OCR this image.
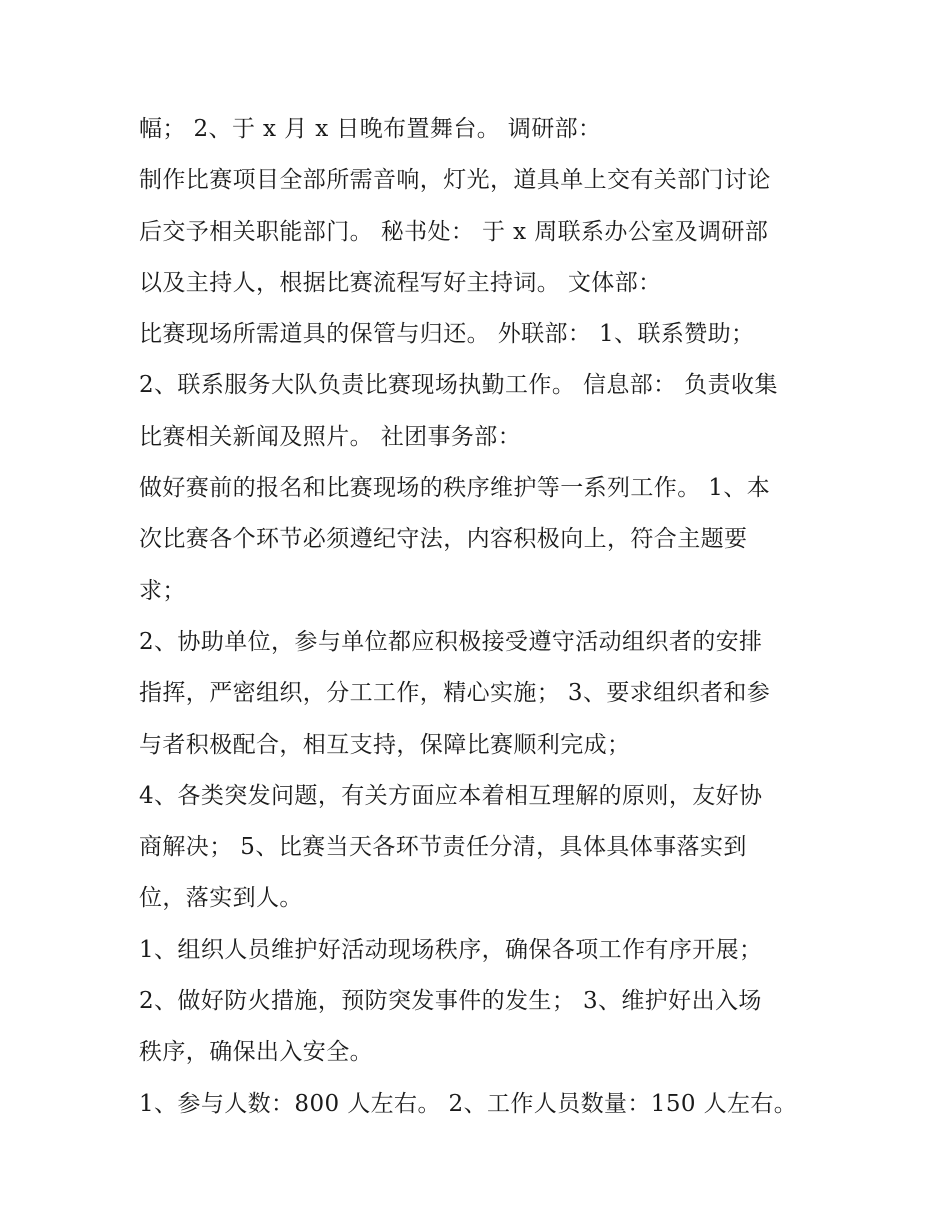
幅； 2、于 x 月 x 日晚布置舞台。 调研部：
制作比赛项目全部所需音响，灯光，道具单上交有关部门讨论
后交予相关职能部门。 秘书处： 于 x 周联系办公室及调研部
以及主持人，根据比赛流程写好主持词。 文体部：
比赛现场所需道具的保管与归还。 外联部： 1、联系赞助；
2、联系服务大队负责比赛现场执勤工作。 信息部： 负责收集
比赛相关新闻及照片。 社团事务部：
做好赛前的报名和比赛现场的秩序维护等一系列工作。 1、本
次比赛各个环节必须遵纪守法，内容积极向上，符合主题要
求；
2、协助单位，参与单位都应积极接受遵守活动组织者的安排
指挥，严密组织，分工工作，精心实施； 3、要求组织者和参
与者积极配合，相互支持，保障比赛顺利完成；
4、各类突发问题，有关方面应本着相互理解的原则，友好协
商解决； 5、比赛当天各环节责任分清，具体具体事落实到
位，落实到人。
1、组织人员维护好活动现场秩序，确保各项工作有序开展；
2、做好防火措施，预防突发事件的发生； 3、维护好出入场
秩序，确保出入安全。
1、参与人数：800 人左右。 2、工作人员数量：150 人左右。
